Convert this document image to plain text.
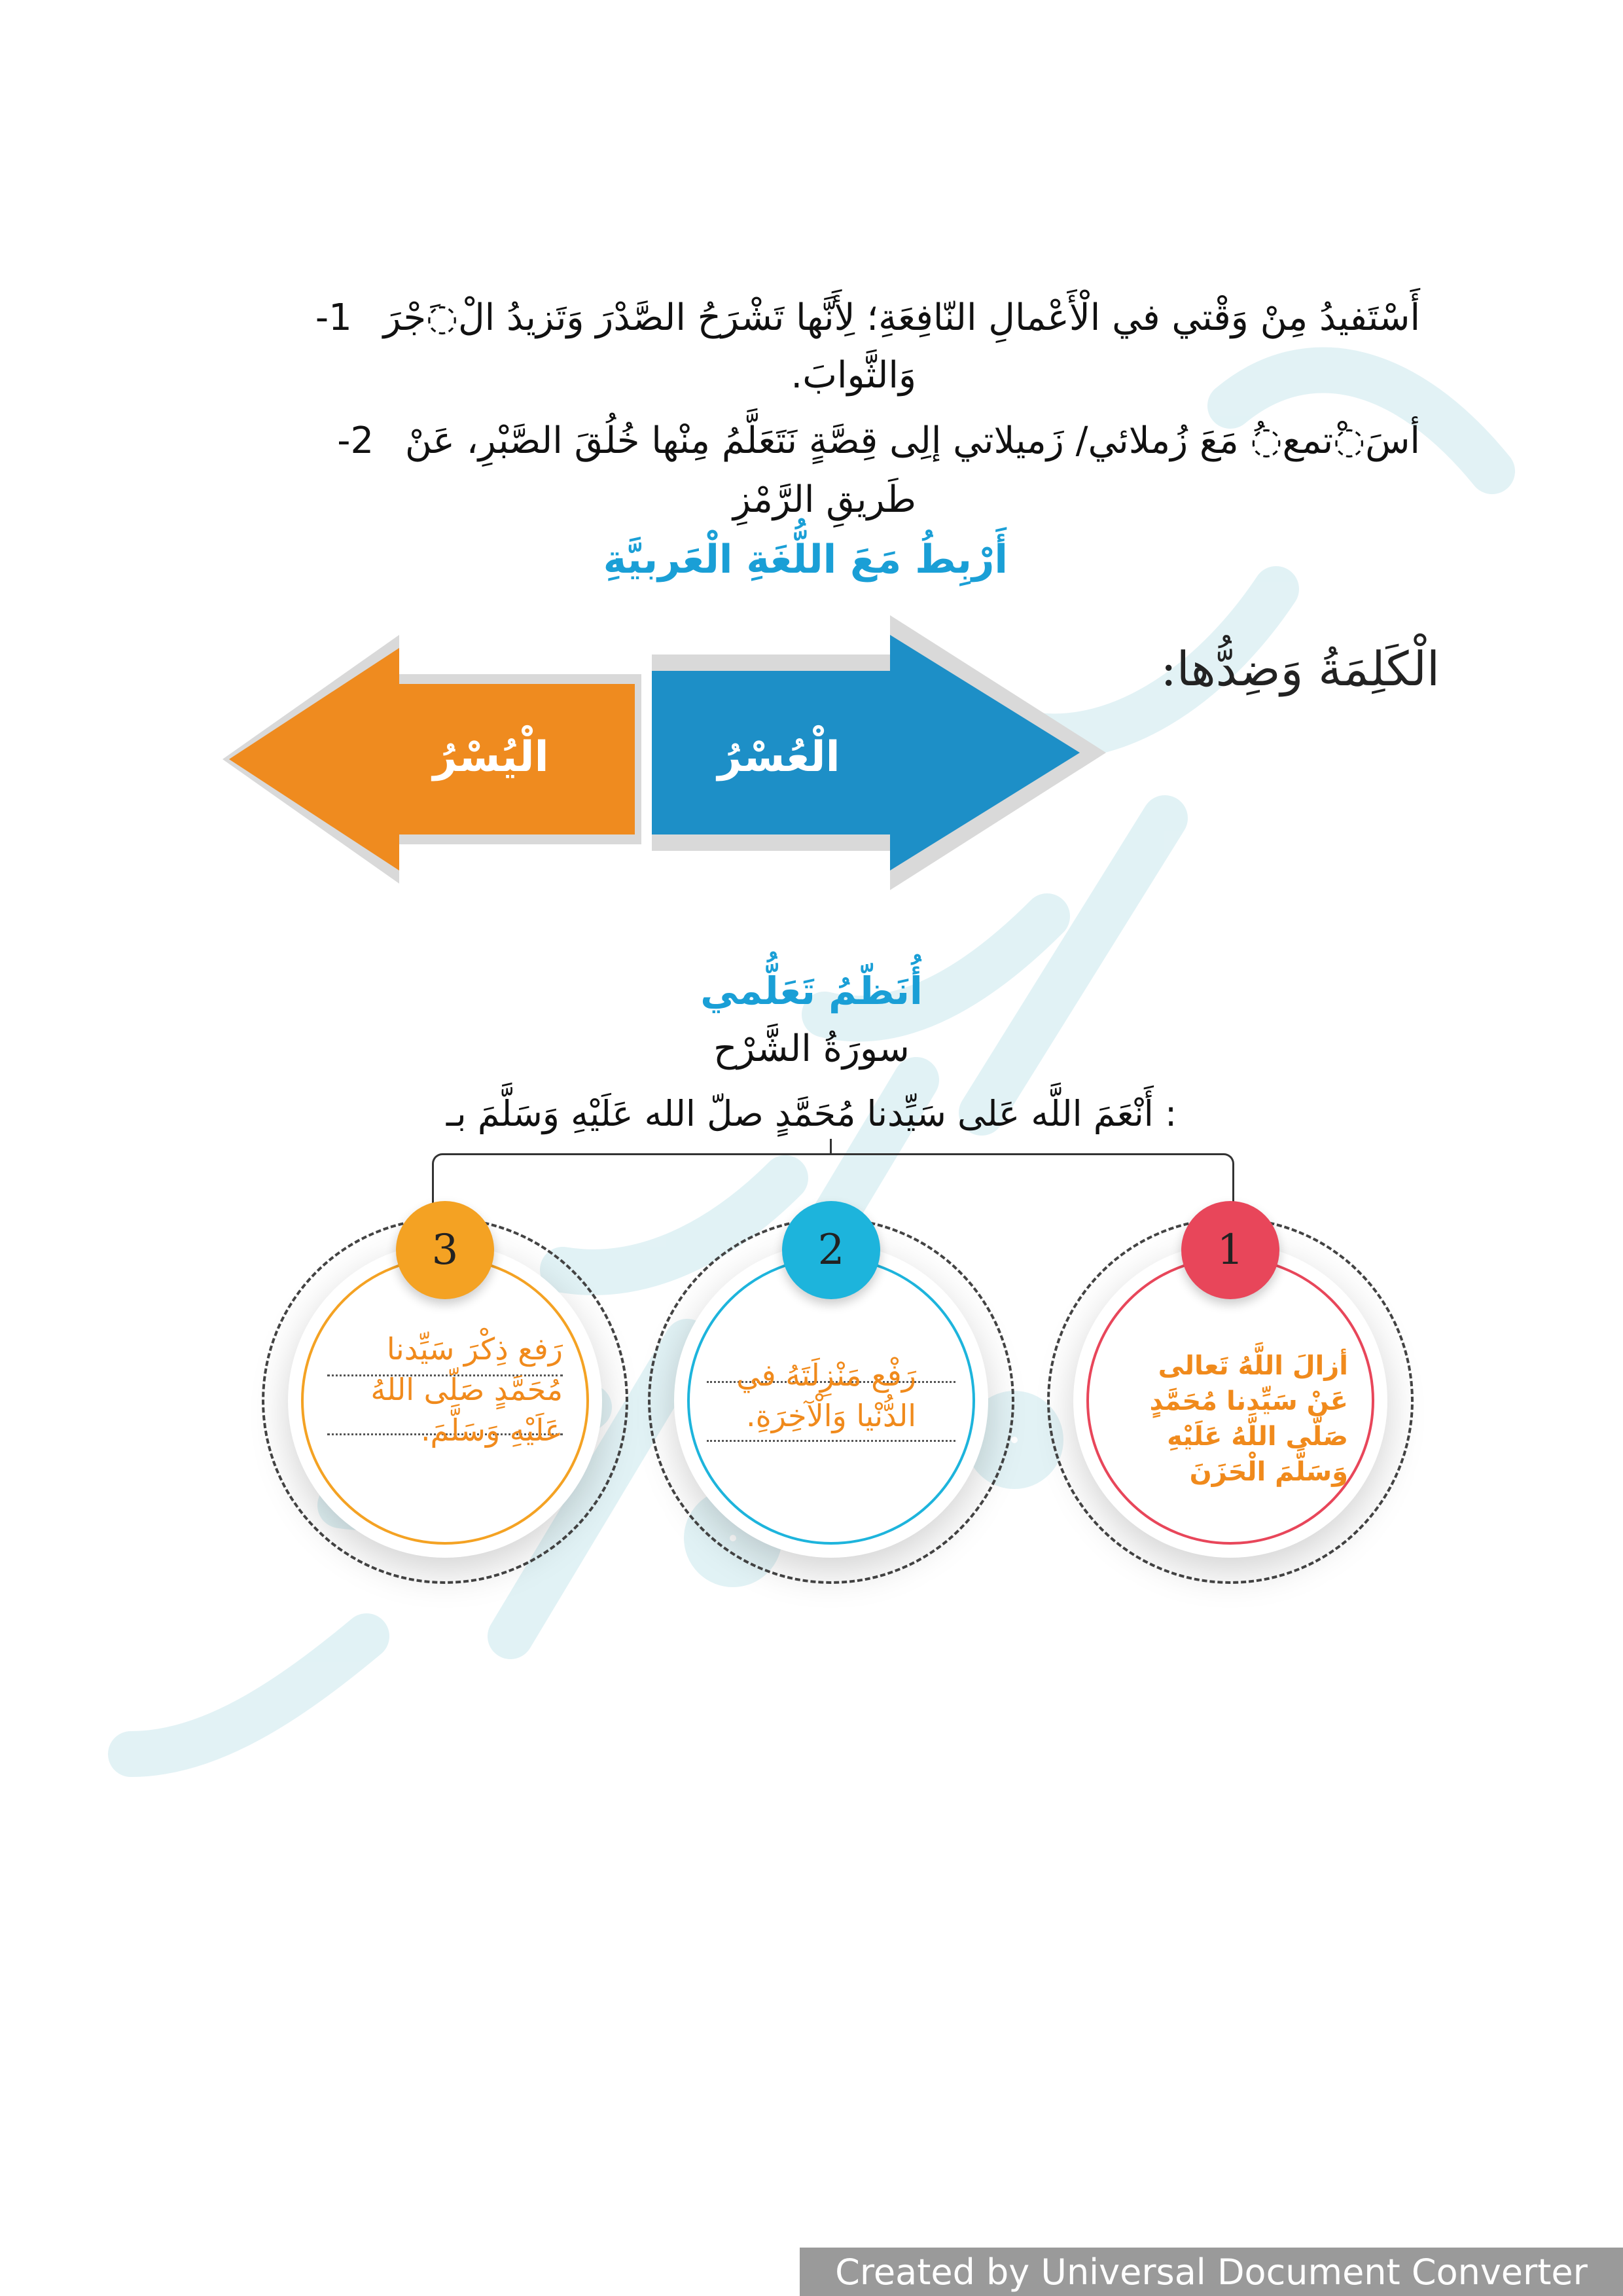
أَسْتَفيدُ مِنْ وَقْتي في الْأَعْمالِ النّافِعَةِ؛ لِأَنَّها تَشْرَحُ الصَّدْرَ وَتَزيدُ الْ◌َجْرَ 1-
وَالثَّوابَ.
أسَ◌ْتمع◌ُ مَعَ زُملائي/ زَميلاتي إلِى قِصَّةٍ نَتَعَلَّمُ مِنْها خُلُقَ الصَّبْرِ، عَنْ 2-
طَريقِ الرَّمْزِ
أَرْبِطُ مَعَ اللُّغَةِ الْعَربيَّةِ
الْكَلِمَةُ وَضِدُّها:
الْعُسْرُ
الْيُسْرُ
أُنَظّمُ تَعَلُّمي
سورَةُ الشَّرْح
: أَنْعَمَ اللَّه عَلى سَيِّدنا مُحَمَّدٍ صلّ الله عَلَيْهِ وَسَلَّمَ بـ
3
رَفع ذِكْرَ سَيِّدنا مُحَمَّدٍ صَلّى اللهُ عَلَيْهِ وَسَلَّمَ.
2
رَفْع مَنْزِلَتَهُ في الدُّنْيا وَالْآخِرَةِ.
1
أزالَ اللَّهُ تَعالى عَنْ سَيِّدنا مُحَمَّدٍ صَلّى اللَّهُ عَلَيْهِ وَسَلَّمَ الْحَزَنَ
Created by Universal Document Converter
